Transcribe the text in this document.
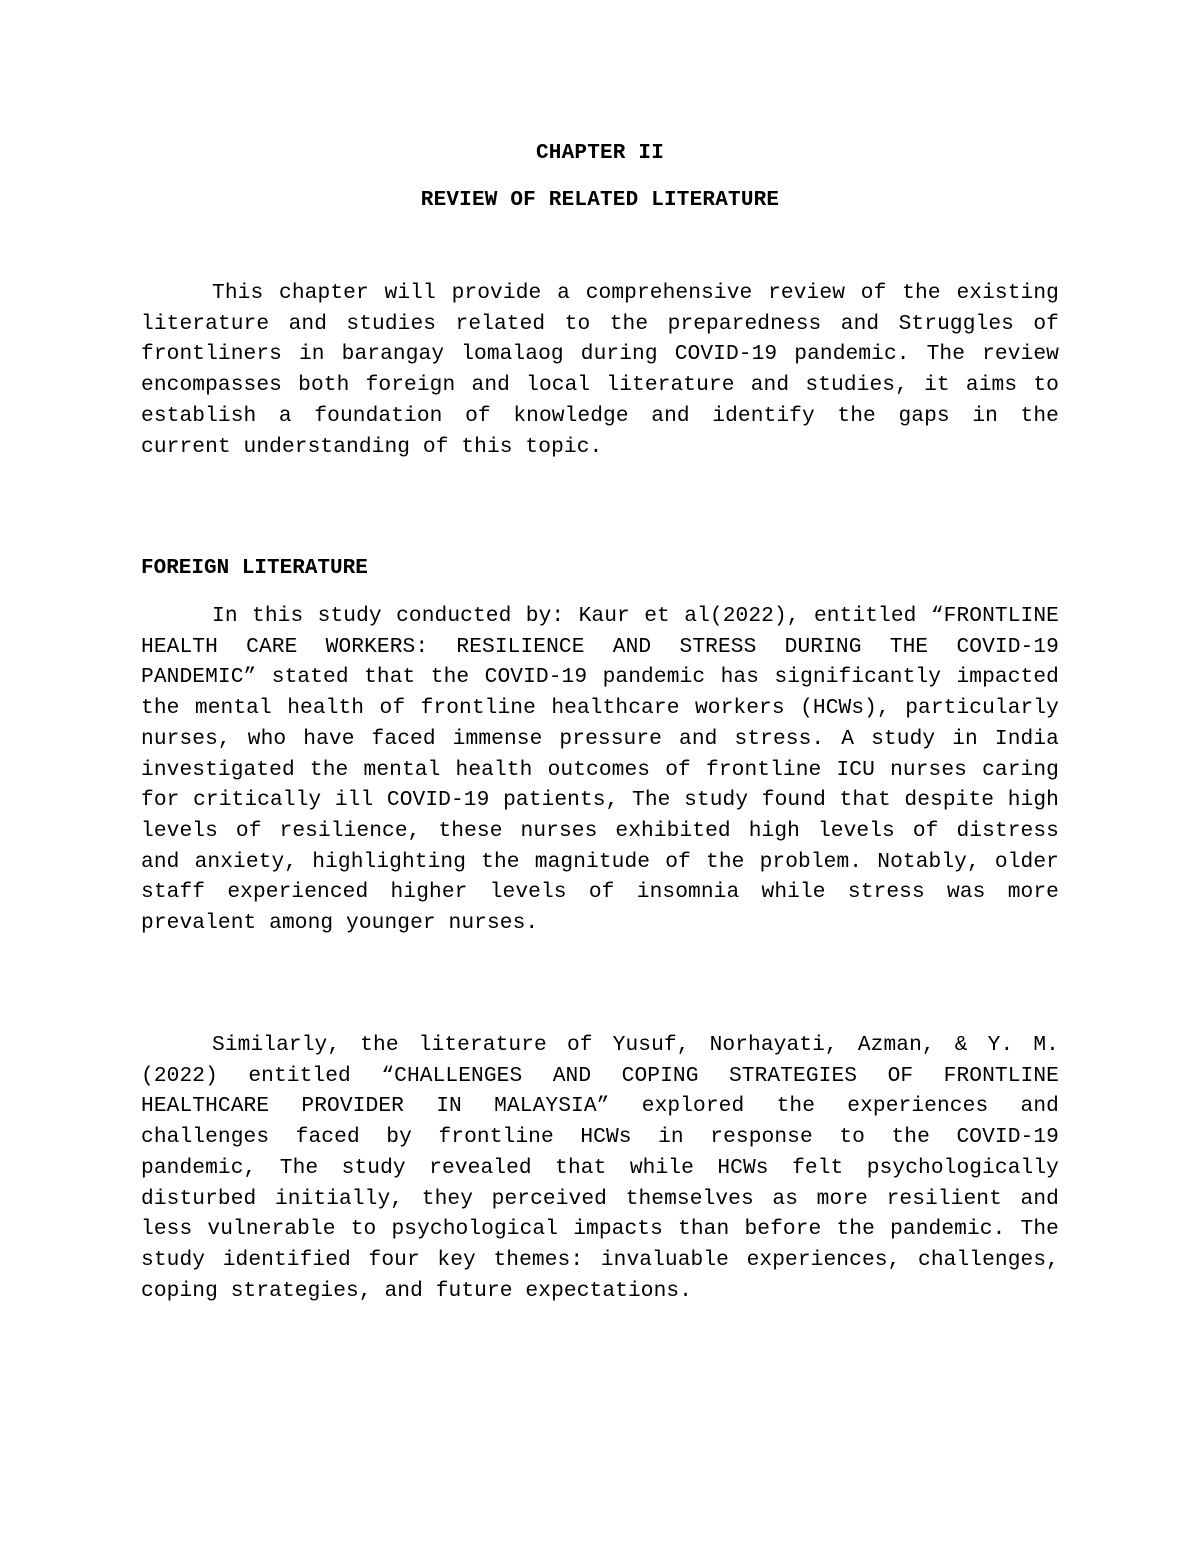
CHAPTER II
REVIEW OF RELATED LITERATURE

This chapter will provide a comprehensive review of the existing literature and studies related to the preparedness and Struggles of frontliners in barangay lomalaog during COVID-19 pandemic. The review encompasses both foreign and local literature and studies, it aims to establish a foundation of knowledge and identify the gaps in the current understanding of this topic.

FOREIGN LITERATURE

In this study conducted by: Kaur et al(2022), entitled “FRONTLINE HEALTH CARE WORKERS: RESILIENCE AND STRESS DURING THE COVID-19 PANDEMIC” stated that the COVID-19 pandemic has significantly impacted the mental health of frontline healthcare workers (HCWs), particularly nurses, who have faced immense pressure and stress. A study in India investigated the mental health outcomes of frontline ICU nurses caring for critically ill COVID-19 patients, The study found that despite high levels of resilience, these nurses exhibited high levels of distress and anxiety, highlighting the magnitude of the problem. Notably, older staff experienced higher levels of insomnia while stress was more prevalent among younger nurses.

Similarly, the literature of Yusuf, Norhayati, Azman, & Y. M. (2022) entitled “CHALLENGES AND COPING STRATEGIES OF FRONTLINE HEALTHCARE PROVIDER IN MALAYSIA” explored the experiences and challenges faced by frontline HCWs in response to the COVID-19 pandemic, The study revealed that while HCWs felt psychologically disturbed initially, they perceived themselves as more resilient and less vulnerable to psychological impacts than before the pandemic. The study identified four key themes: invaluable experiences, challenges, coping strategies, and future expectations.
